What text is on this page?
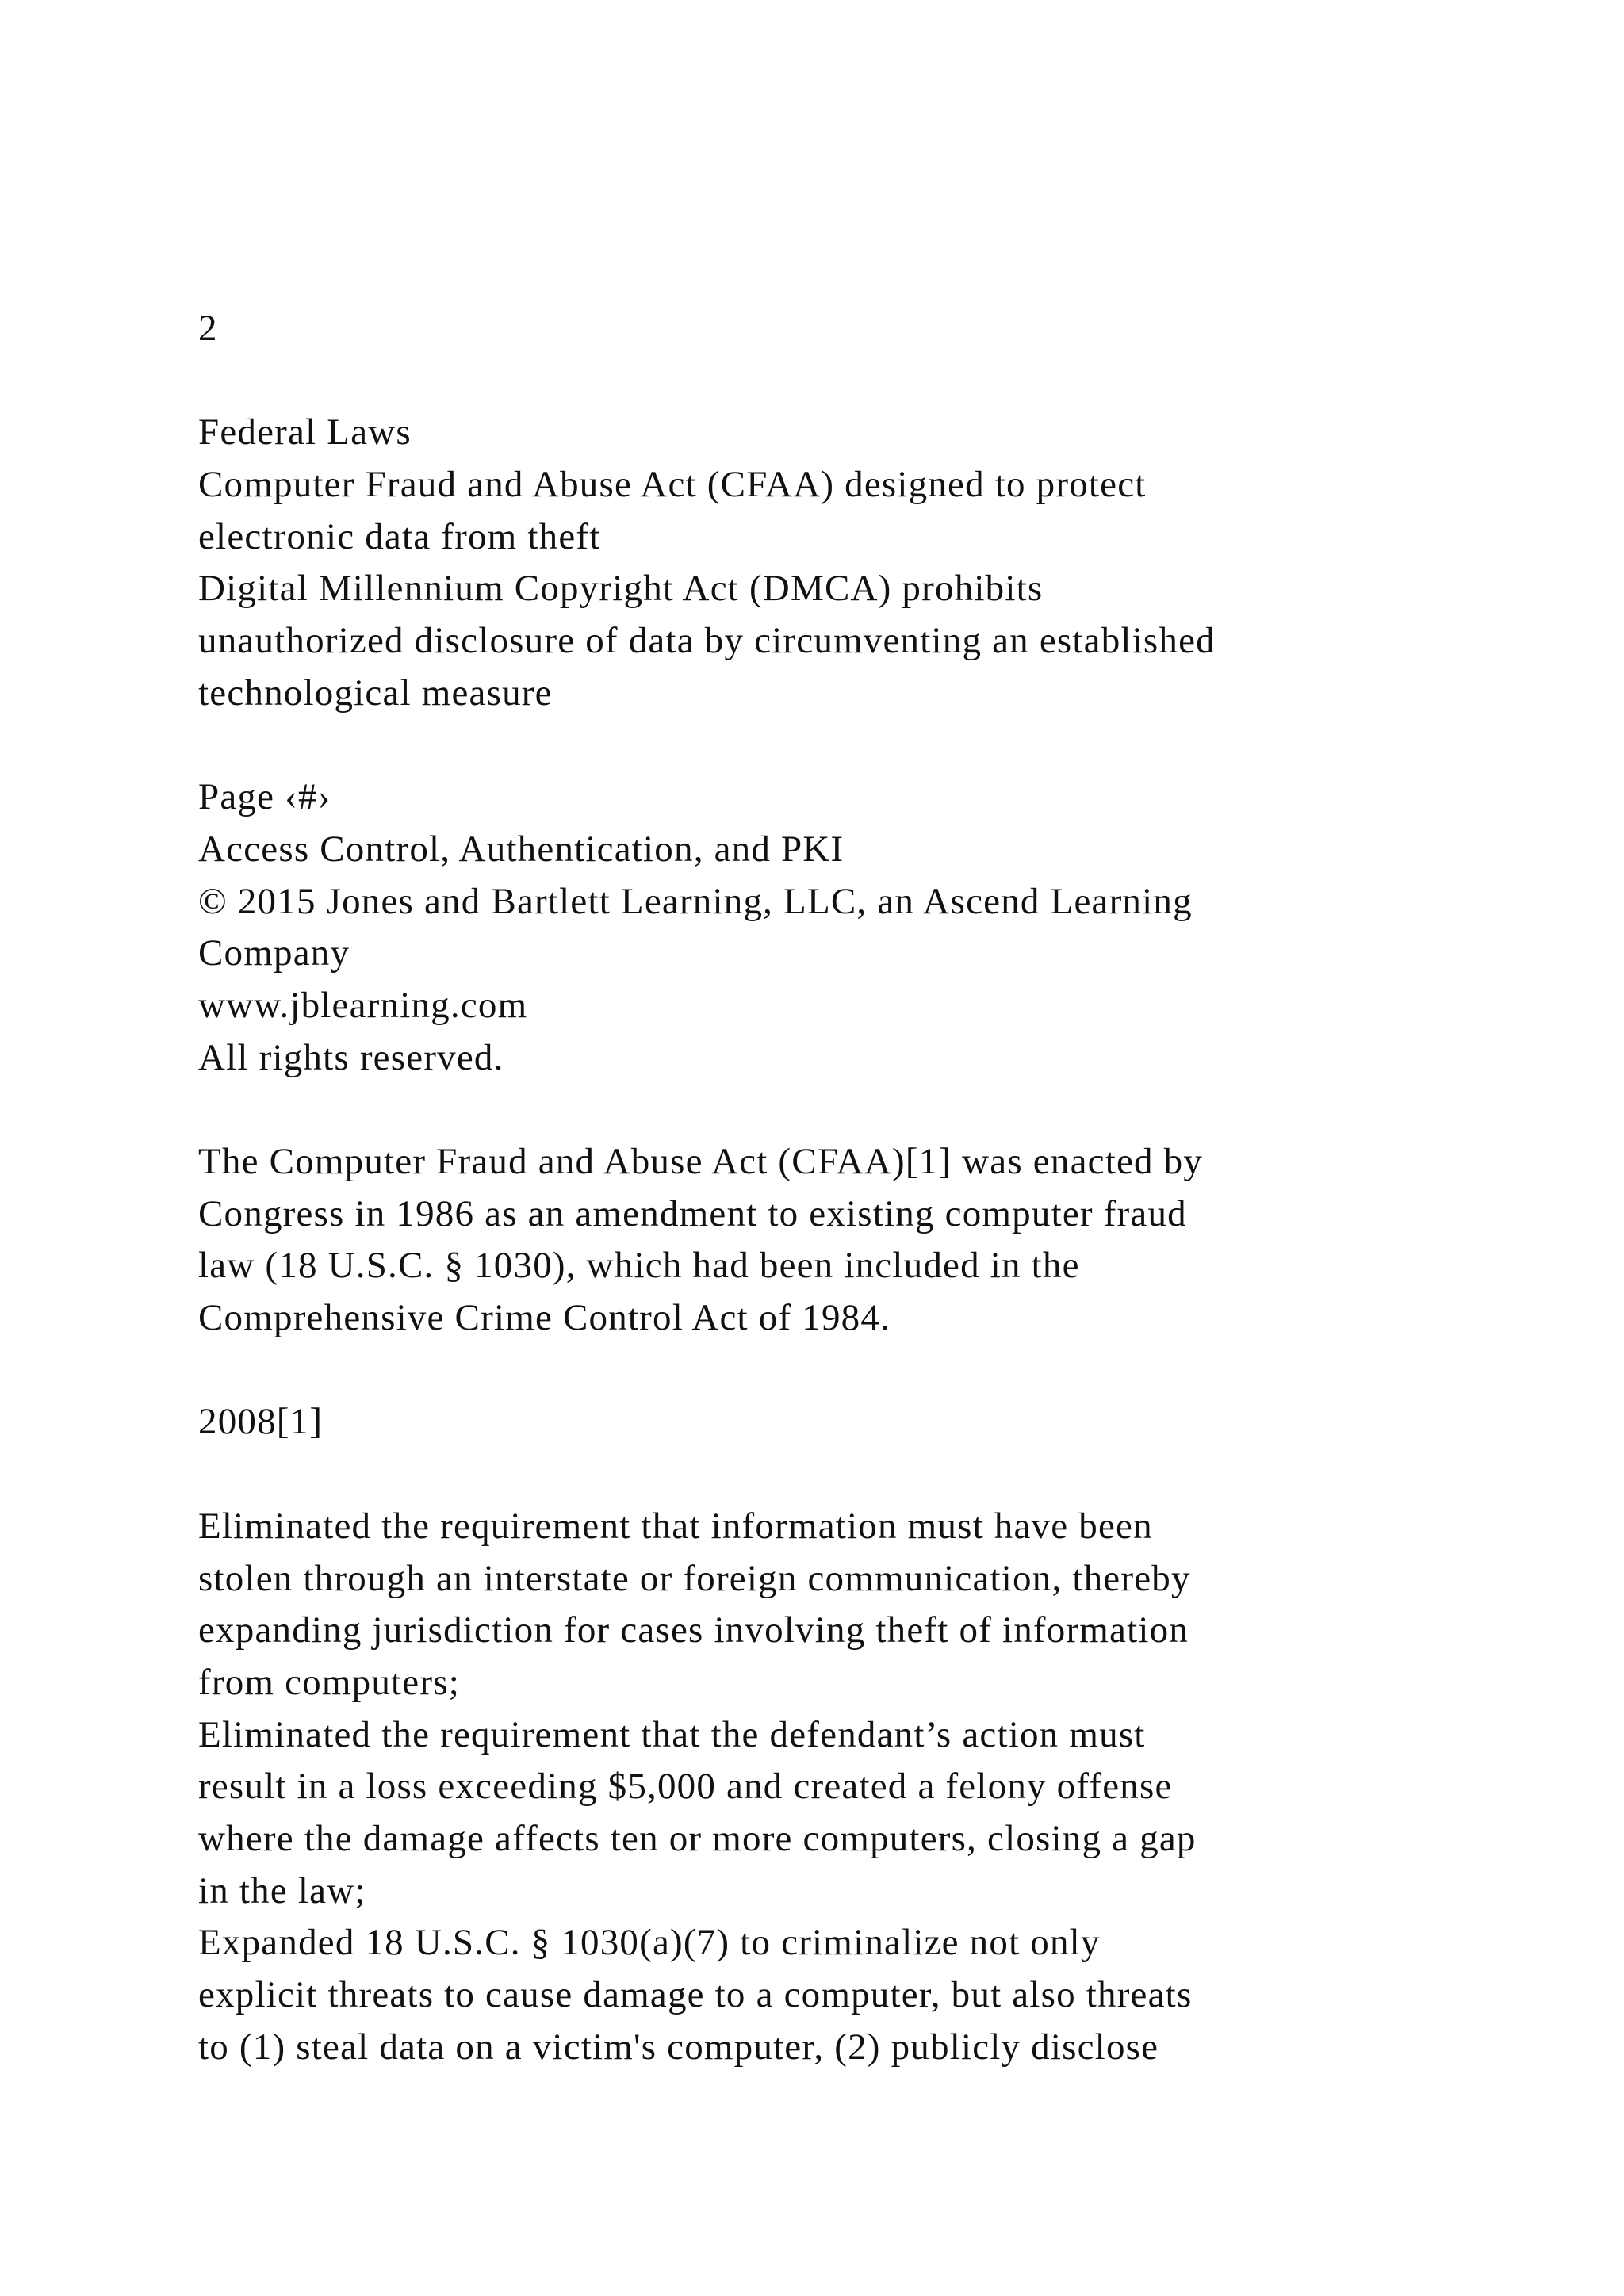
2
Federal Laws
Computer Fraud and Abuse Act (CFAA) designed to protect
electronic data from theft
Digital Millennium Copyright Act (DMCA) prohibits
unauthorized disclosure of data by circumventing an established
technological measure
Page ‹#›
Access Control, Authentication, and PKI
© 2015 Jones and Bartlett Learning, LLC, an Ascend Learning
Company
www.jblearning.com
All rights reserved.
The Computer Fraud and Abuse Act (CFAA)[1] was enacted by
Congress in 1986 as an amendment to existing computer fraud
law (18 U.S.C. § 1030), which had been included in the
Comprehensive Crime Control Act of 1984.
2008[1]
Eliminated the requirement that information must have been
stolen through an interstate or foreign communication, thereby
expanding jurisdiction for cases involving theft of information
from computers;
Eliminated the requirement that the defendant’s action must
result in a loss exceeding $5,000 and created a felony offense
where the damage affects ten or more computers, closing a gap
in the law;
Expanded 18 U.S.C. § 1030(a)(7) to criminalize not only
explicit threats to cause damage to a computer, but also threats
to (1) steal data on a victim's computer, (2) publicly disclose
